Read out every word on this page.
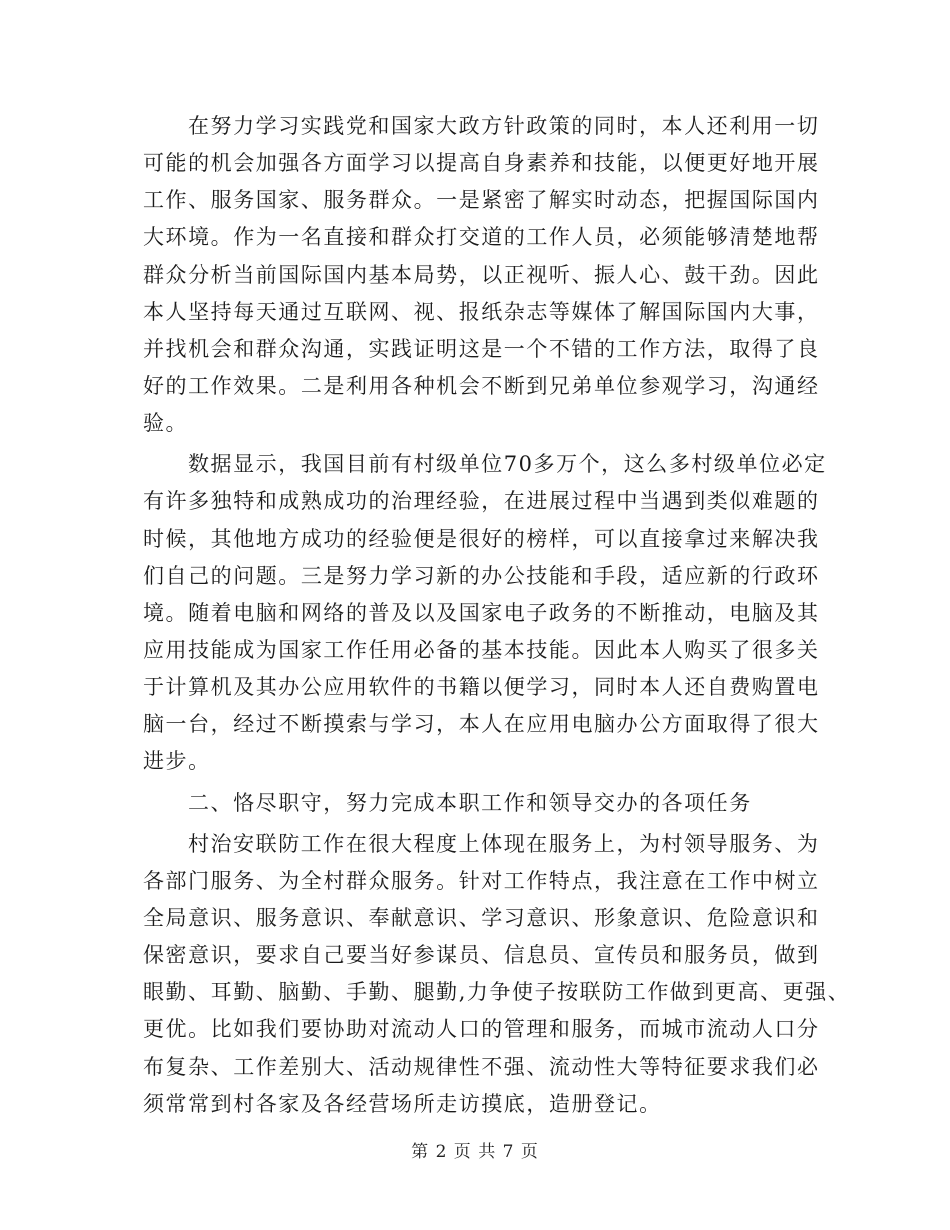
在努力学习实践党和国家大政方针政策的同时，本人还利用一切
可能的机会加强各方面学习以提高自身素养和技能，以便更好地开展
工作、服务国家、服务群众。一是紧密了解实时动态，把握国际国内
大环境。作为一名直接和群众打交道的工作人员，必须能够清楚地帮
群众分析当前国际国内基本局势，以正视听、振人心、鼓干劲。因此
本人坚持每天通过互联网、视、报纸杂志等媒体了解国际国内大事，
并找机会和群众沟通，实践证明这是一个不错的工作方法，取得了良
好的工作效果。二是利用各种机会不断到兄弟单位参观学习，沟通经
验。
数据显示，我国目前有村级单位70多万个，这么多村级单位必定
有许多独特和成熟成功的治理经验，在进展过程中当遇到类似难题的
时候，其他地方成功的经验便是很好的榜样，可以直接拿过来解决我
们自己的问题。三是努力学习新的办公技能和手段，适应新的行政环
境。随着电脑和网络的普及以及国家电子政务的不断推动，电脑及其
应用技能成为国家工作任用必备的基本技能。因此本人购买了很多关
于计算机及其办公应用软件的书籍以便学习，同时本人还自费购置电
脑一台，经过不断摸索与学习，本人在应用电脑办公方面取得了很大
进步。
二、恪尽职守，努力完成本职工作和领导交办的各项任务
村治安联防工作在很大程度上体现在服务上，为村领导服务、为
各部门服务、为全村群众服务。针对工作特点，我注意在工作中树立
全局意识、服务意识、奉献意识、学习意识、形象意识、危险意识和
保密意识，要求自己要当好参谋员、信息员、宣传员和服务员，做到
眼勤、耳勤、脑勤、手勤、腿勤,力争使子按联防工作做到更高、更强、
更优。比如我们要协助对流动人口的管理和服务，而城市流动人口分
布复杂、工作差别大、活动规律性不强、流动性大等特征要求我们必
须常常到村各家及各经营场所走访摸底，造册登记。
第 2 页 共 7 页
